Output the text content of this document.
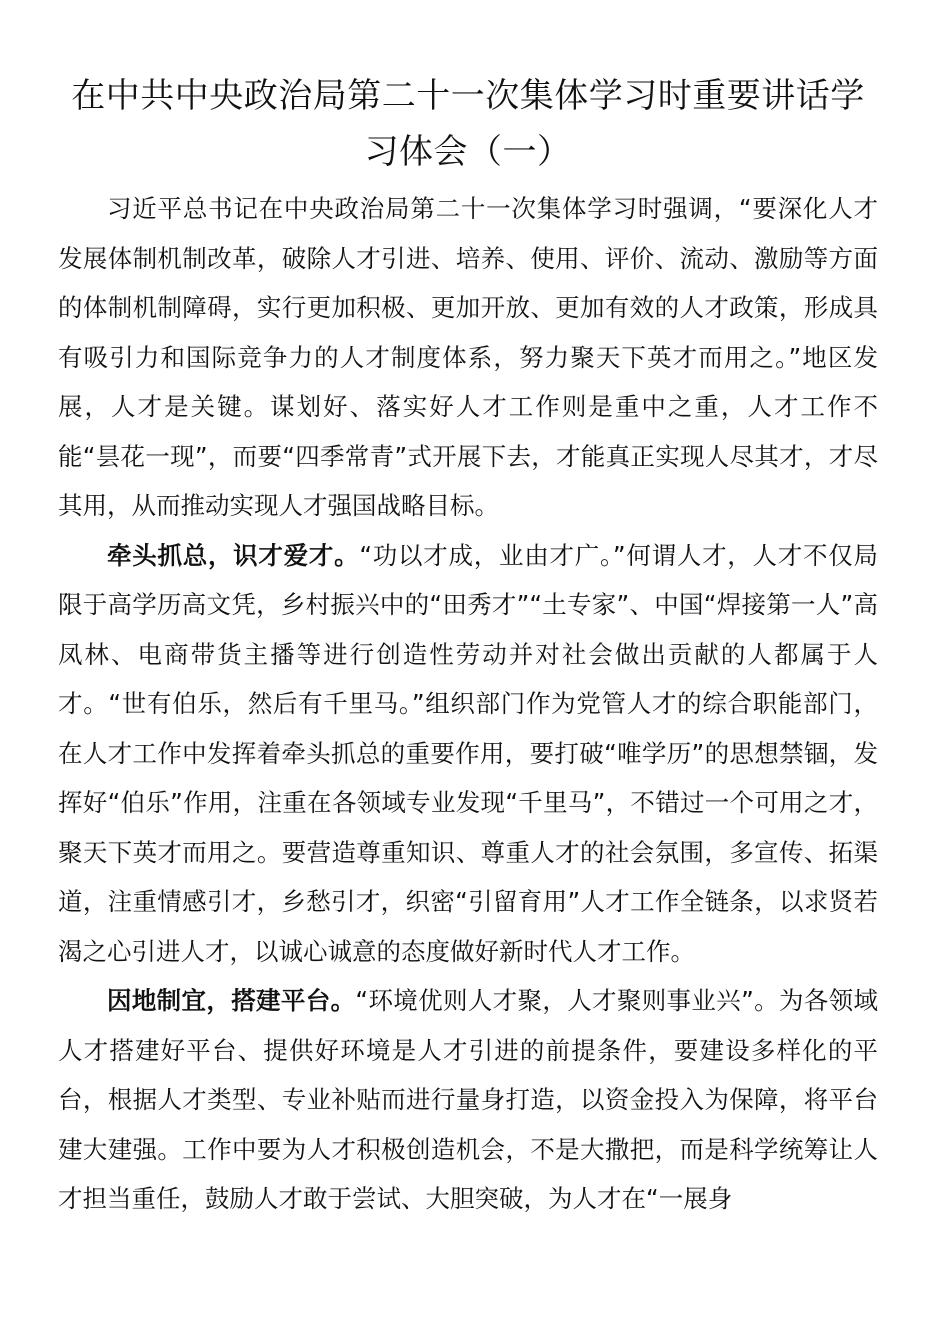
在中共中央政治局第二十一次集体学习时重要讲话学习体会（一）

习近平总书记在中央政治局第二十一次集体学习时强调，“要深化人才发展体制机制改革，破除人才引进、培养、使用、评价、流动、激励等方面的体制机制障碍，实行更加积极、更加开放、更加有效的人才政策，形成具有吸引力和国际竞争力的人才制度体系，努力聚天下英才而用之。”地区发展，人才是关键。谋划好、落实好人才工作则是重中之重，人才工作不能“昙花一现”，而要“四季常青”式开展下去，才能真正实现人尽其才，才尽其用，从而推动实现人才强国战略目标。

牵头抓总，识才爱才。“功以才成，业由才广。”何谓人才，人才不仅局限于高学历高文凭，乡村振兴中的“田秀才”“土专家”、中国“焊接第一人”高凤林、电商带货主播等进行创造性劳动并对社会做出贡献的人都属于人才。“世有伯乐，然后有千里马。”组织部门作为党管人才的综合职能部门，在人才工作中发挥着牵头抓总的重要作用，要打破“唯学历”的思想禁锢，发挥好“伯乐”作用，注重在各领域专业发现“千里马”，不错过一个可用之才，聚天下英才而用之。要营造尊重知识、尊重人才的社会氛围，多宣传、拓渠道，注重情感引才，乡愁引才，织密“引留育用”人才工作全链条，以求贤若渴之心引进人才，以诚心诚意的态度做好新时代人才工作。

因地制宜，搭建平台。“环境优则人才聚，人才聚则事业兴”。为各领域人才搭建好平台、提供好环境是人才引进的前提条件，要建设多样化的平台，根据人才类型、专业补贴而进行量身打造，以资金投入为保障，将平台建大建强。工作中要为人才积极创造机会，不是大撒把，而是科学统筹让人才担当重任，鼓励人才敢于尝试、大胆突破，为人才在“一展身
